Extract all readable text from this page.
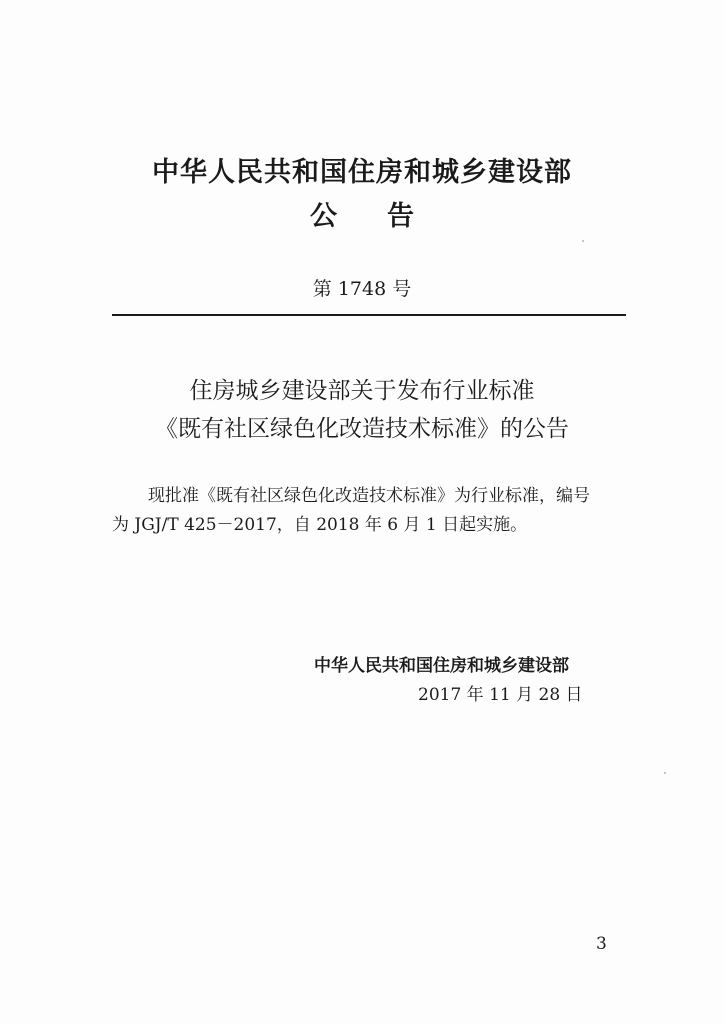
中华人民共和国住房和城乡建设部
公告
第 1748 号
住房城乡建设部关于发布行业标准
《既有社区绿色化改造技术标准》的公告
现批准《既有社区绿色化改造技术标准》为行业标准，编号
为 JGJ/T 425－2017，自 2018 年 6 月 1 日起实施。
中华人民共和国住房和城乡建设部
2017 年 11 月 28 日
3
